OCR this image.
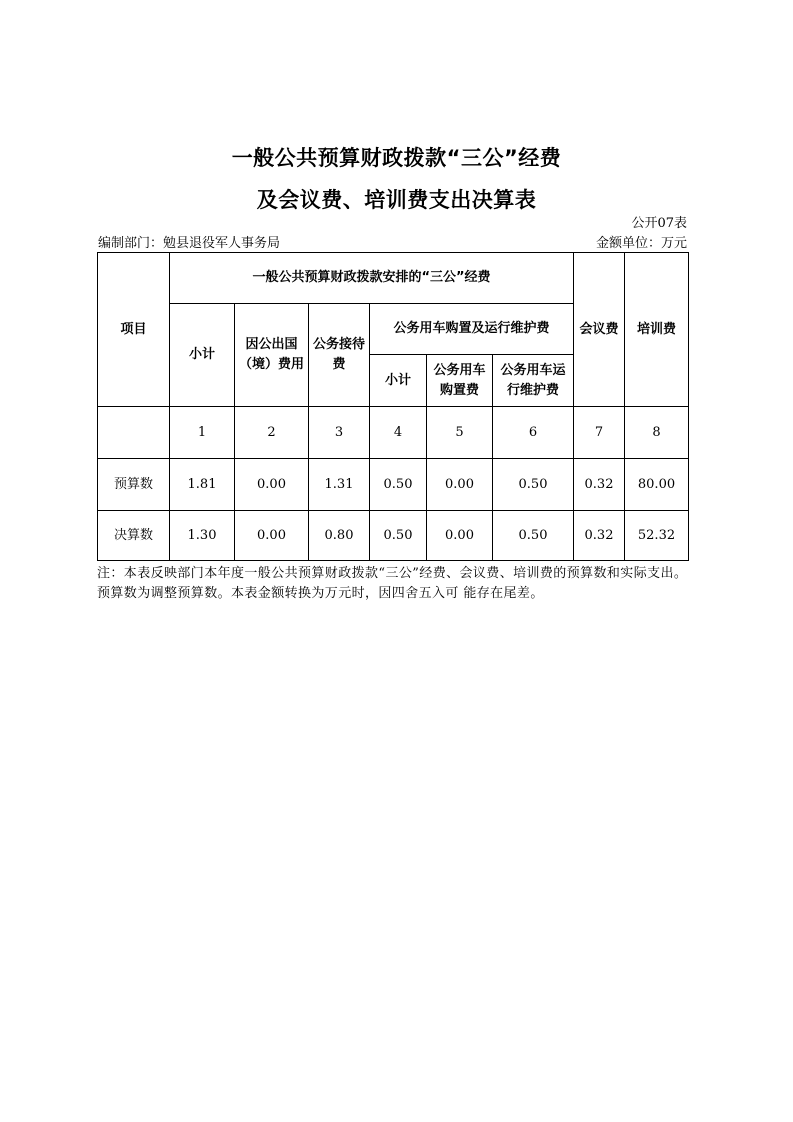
一般公共预算财政拨款“三公”经费
及会议费、培训费支出决算表
公开07表
编制部门：勉县退役军人事务局	金额单位：万元
项目	一般公共预算财政拨款安排的“三公”经费						会议费	培训费
	小计	因公出国（境）费用	公务接待费	公务用车购置及运行维护费				
				小计	公务用车购置费	公务用车运行维护费		
	1	2	3	4	5	6	7	8
预算数	1.81	0.00	1.31	0.50	0.00	0.50	0.32	80.00
决算数	1.30	0.00	0.80	0.50	0.00	0.50	0.32	52.32
注：本表反映部门本年度一般公共预算财政拨款“三公”经费、会议费、培训费的预算数和实际支出。预算数为调整预算数。本表金额转换为万元时，因四舍五入可 能存在尾差。
